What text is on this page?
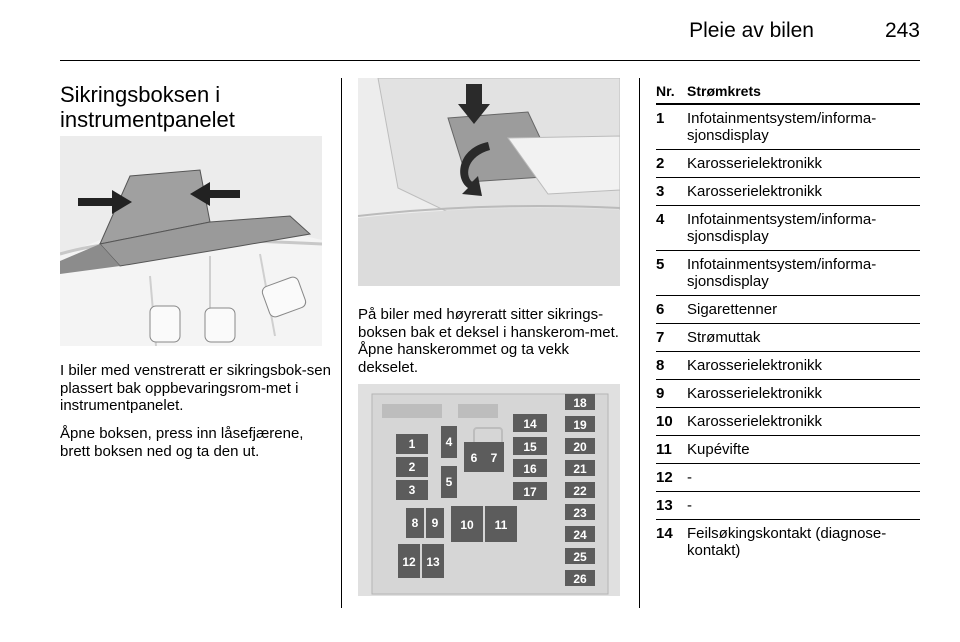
Pleie av bilen	243
Sikringsboksen i instrumentpanelet
I biler med venstreratt er sikringsbok-sen plassert bak oppbevaringsrom-met i instrumentpanelet.
Åpne boksen, press inn låsefjærene, brett boksen ned og ta den ut.
På biler med høyreratt sitter sikrings-boksen bak et deksel i hanskerom-met. Åpne hanskerommet og ta vekk dekselet.
1
2
3
4
5
6 7
8 9 10 11
12 13
14
15
16
17
18
19
20
21
22
23
24
25
26
Nr. Strømkrets
1 Infotainmentsystem/informa-sjonsdisplay
2 Karosserielektronikk
3 Karosserielektronikk
4 Infotainmentsystem/informa-sjonsdisplay
5 Infotainmentsystem/informa-sjonsdisplay
6 Sigarettenner
7 Strømuttak
8 Karosserielektronikk
9 Karosserielektronikk
10 Karosserielektronikk
11 Kupévifte
12 -
13 -
14 Feilsøkingskontakt (diagnose-kontakt)
